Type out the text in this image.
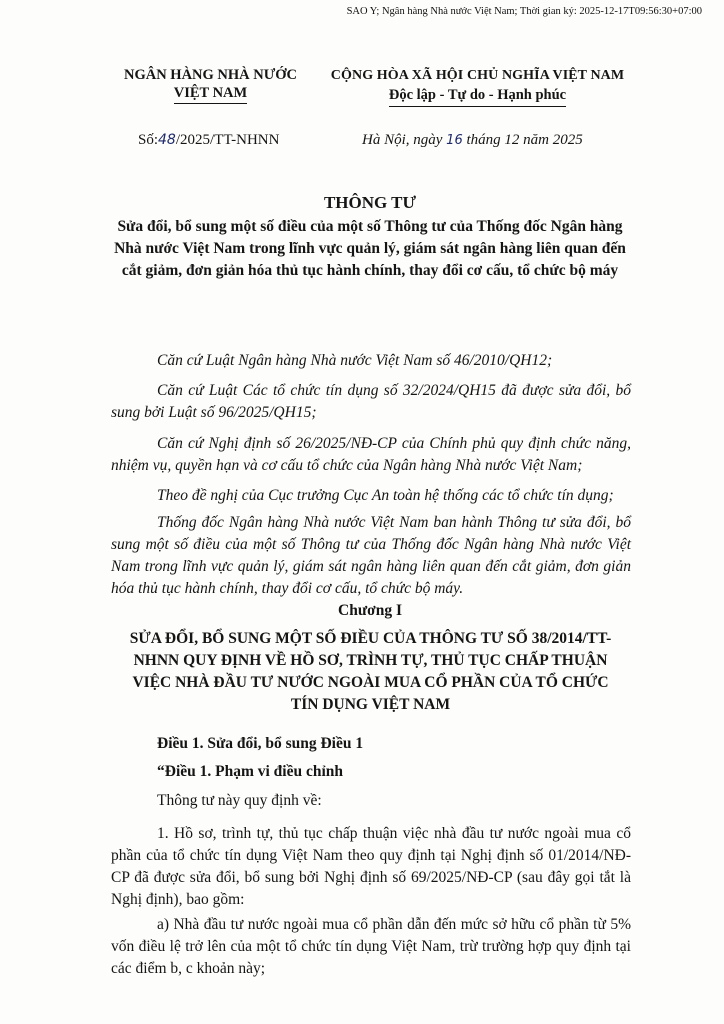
SAO Y; Ngân hàng Nhà nước Việt Nam; Thời gian ký: 2025-12-17T09:56:30+07:00
NGÂN HÀNG NHÀ NƯỚC
VIỆT NAM
CỘNG HÒA XÃ HỘI CHỦ NGHĨA VIỆT NAM
Độc lập - Tự do - Hạnh phúc
Số:48/2025/TT-NHNN	Hà Nội, ngày 16 tháng 12 năm 2025
THÔNG TƯ
Sửa đổi, bổ sung một số điều của một số Thông tư của Thống đốc Ngân hàng Nhà nước Việt Nam trong lĩnh vực quản lý, giám sát ngân hàng liên quan đến cắt giảm, đơn giản hóa thủ tục hành chính, thay đổi cơ cấu, tổ chức bộ máy
Căn cứ Luật Ngân hàng Nhà nước Việt Nam số 46/2010/QH12;
Căn cứ Luật Các tổ chức tín dụng số 32/2024/QH15 đã được sửa đổi, bổ sung bởi Luật số 96/2025/QH15;
Căn cứ Nghị định số 26/2025/NĐ-CP của Chính phủ quy định chức năng, nhiệm vụ, quyền hạn và cơ cấu tổ chức của Ngân hàng Nhà nước Việt Nam;
Theo đề nghị của Cục trưởng Cục An toàn hệ thống các tổ chức tín dụng;
Thống đốc Ngân hàng Nhà nước Việt Nam ban hành Thông tư sửa đổi, bổ sung một số điều của một số Thông tư của Thống đốc Ngân hàng Nhà nước Việt Nam trong lĩnh vực quản lý, giám sát ngân hàng liên quan đến cắt giảm, đơn giản hóa thủ tục hành chính, thay đổi cơ cấu, tổ chức bộ máy.
Chương I
SỬA ĐỔI, BỔ SUNG MỘT SỐ ĐIỀU CỦA THÔNG TƯ SỐ 38/2014/TT-NHNN QUY ĐỊNH VỀ HỒ SƠ, TRÌNH TỰ, THỦ TỤC CHẤP THUẬN VIỆC NHÀ ĐẦU TƯ NƯỚC NGOÀI MUA CỔ PHẦN CỦA TỔ CHỨC TÍN DỤNG VIỆT NAM
Điều 1. Sửa đổi, bổ sung Điều 1
“Điều 1. Phạm vi điều chỉnh
Thông tư này quy định về:
1. Hồ sơ, trình tự, thủ tục chấp thuận việc nhà đầu tư nước ngoài mua cổ phần của tổ chức tín dụng Việt Nam theo quy định tại Nghị định số 01/2014/NĐ-CP đã được sửa đổi, bổ sung bởi Nghị định số 69/2025/NĐ-CP (sau đây gọi tắt là Nghị định), bao gồm:
a) Nhà đầu tư nước ngoài mua cổ phần dẫn đến mức sở hữu cổ phần từ 5% vốn điều lệ trở lên của một tổ chức tín dụng Việt Nam, trừ trường hợp quy định tại các điểm b, c khoản này;
